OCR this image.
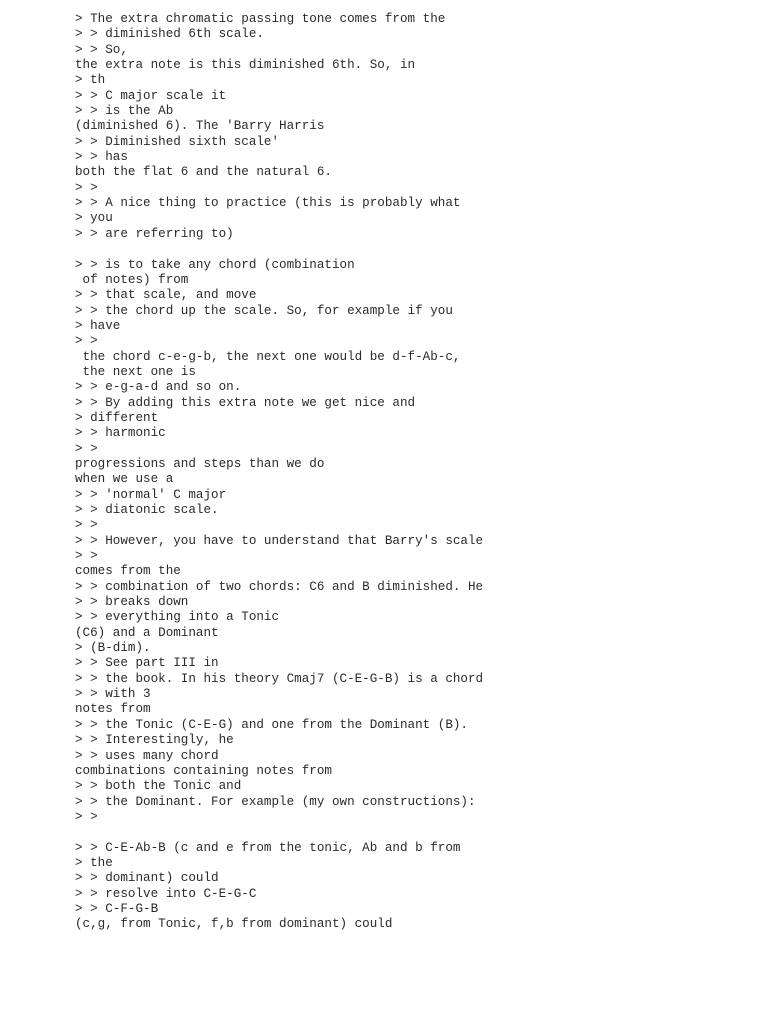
> The extra chromatic passing tone comes from the
> > diminished 6th scale.
> > So,
the extra note is this diminished 6th. So, in
> th
> > C major scale it
> > is the Ab
(diminished 6). The 'Barry Harris
> > Diminished sixth scale'
> > has
both the flat 6 and the natural 6.
> >
> > A nice thing to practice (this is probably what
> you
> > are referring to)
> > is to take any chord (combination
of notes) from
> > that scale, and move
> > the chord up the scale. So, for example if you
> have
> >
the chord c-e-g-b, the next one would be d-f-Ab-c,
the next one is
> > e-g-a-d and so on.
> > By adding this extra note we get nice and
> different
> > harmonic
> >
progressions and steps than we do
when we use a
> > 'normal' C major
> > diatonic scale.
> >
> > However, you have to understand that Barry's scale
> >
comes from the
> > combination of two chords: C6 and B diminished. He
> > breaks down
> > everything into a Tonic
(C6) and a Dominant
> (B-dim).
> > See part III in
> > the book. In his theory Cmaj7 (C-E-G-B) is a chord
> > with 3
notes from
> > the Tonic (C-E-G) and one from the Dominant (B).
> > Interestingly, he
> > uses many chord
combinations containing notes from
> > both the Tonic and
> > the Dominant. For example (my own constructions):
> >
> > C-E-Ab-B (c and e from the tonic, Ab and b from
> the
> > dominant) could
> > resolve into C-E-G-C
> > C-F-G-B
(c,g, from Tonic, f,b from dominant) could
